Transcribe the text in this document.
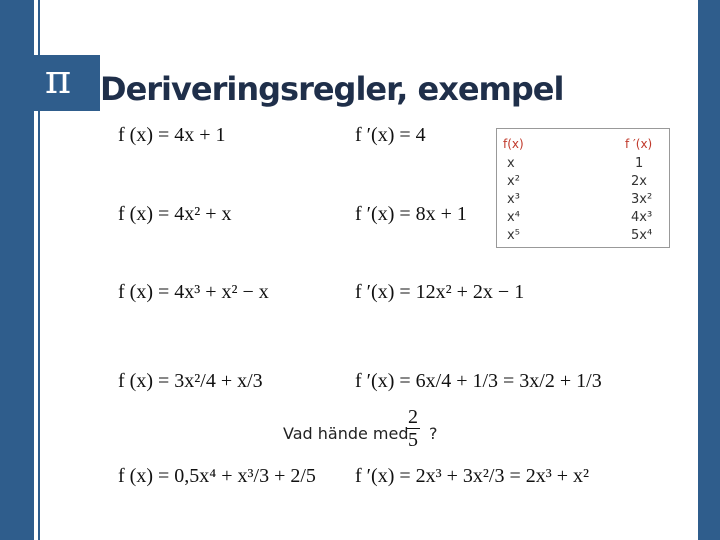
π Deriveringsregler, exempel
f (x) = 4x + 1	f ′(x) = 4
f (x) = 4x² + x	f ′(x) = 8x + 1
f (x) = 4x³ + x² − x	f ′(x) = 12x² + 2x − 1
f (x) = 3x²/4 + x/3	f ′(x) = 6x/4 + 1/3 = 3x/2 + 1/3
f (x) = 0,5x⁴ + x³/3 + 2/5 f ′(x) = 2x³ + 3x²/3 = 2x³ + x²
f(x)	f ′(x)
x	1
x²	2x
x³	3x²
x⁴	4x³
x⁵	5x⁴
Vad hände med
$\frac{2}{5}$ ?
